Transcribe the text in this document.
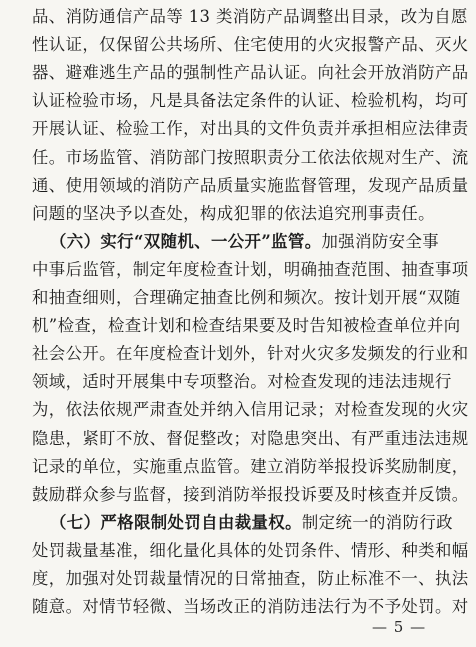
品、消防通信产品等 13 类消防产品调整出目录，改为自愿
性认证，仅保留公共场所、住宅使用的火灾报警产品、灭火
器、避难逃生产品的强制性产品认证。向社会开放消防产品
认证检验市场，凡是具备法定条件的认证、检验机构，均可
开展认证、检验工作，对出具的文件负责并承担相应法律责
任。市场监管、消防部门按照职责分工依法依规对生产、流
通、使用领域的消防产品质量实施监督管理，发现产品质量
问题的坚决予以查处，构成犯罪的依法追究刑事责任。
（六）实行“双随机、一公开”监管。加强消防安全事
中事后监管，制定年度检查计划，明确抽查范围、抽查事项
和抽查细则，合理确定抽查比例和频次。按计划开展“双随
机”检查，检查计划和检查结果要及时告知被检查单位并向
社会公开。在年度检查计划外，针对火灾多发频发的行业和
领域，适时开展集中专项整治。对检查发现的违法违规行
为，依法依规严肃查处并纳入信用记录；对检查发现的火灾
隐患，紧盯不放、督促整改；对隐患突出、有严重违法违规
记录的单位，实施重点监管。建立消防举报投诉奖励制度，
鼓励群众参与监督，接到消防举报投诉要及时核查并反馈。
（七）严格限制处罚自由裁量权。制定统一的消防行政
处罚裁量基准，细化量化具体的处罚条件、情形、种类和幅
度，加强对处罚裁量情况的日常抽查，防止标准不一、执法
随意。对情节轻微、当场改正的消防违法行为不予处罚。对
— 5 —
